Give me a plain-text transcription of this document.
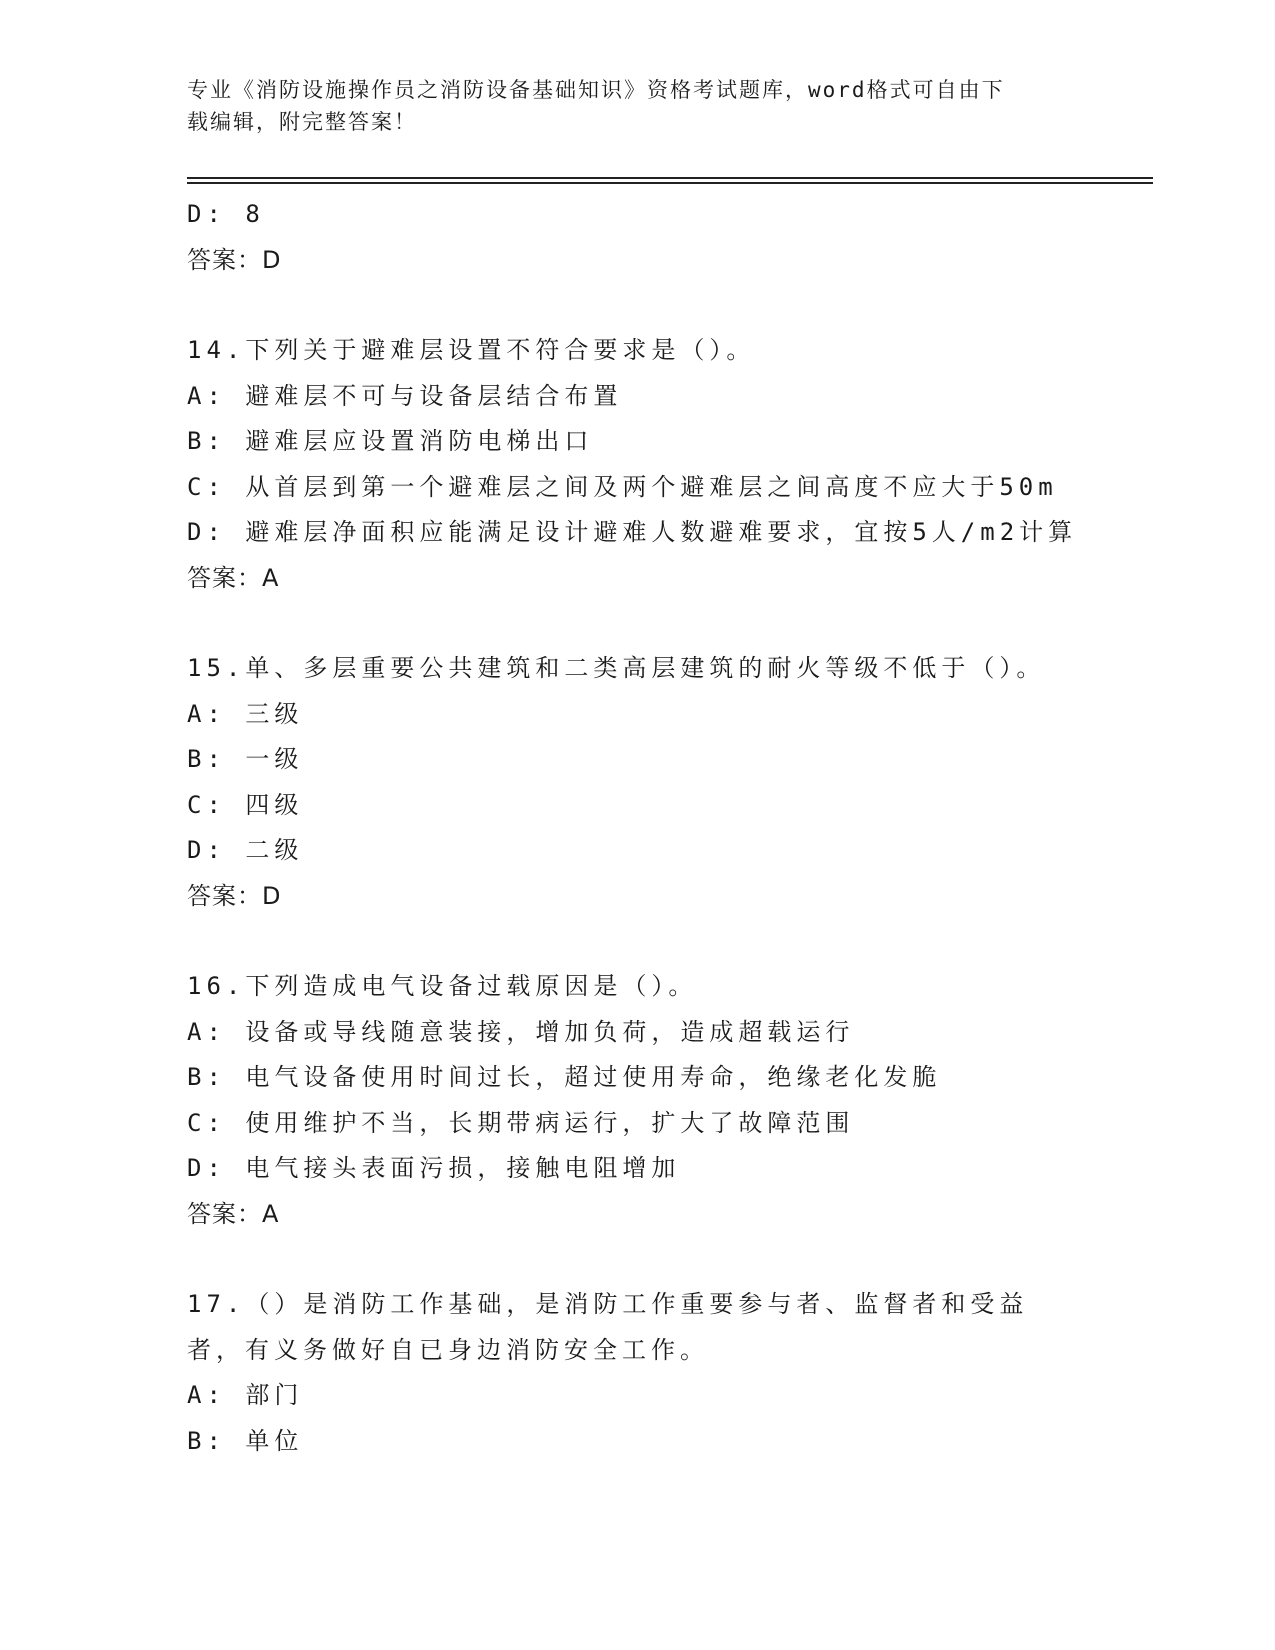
专业《消防设施操作员之消防设备基础知识》资格考试题库，word格式可自由下
载编辑，附完整答案！
D: 8
答案：D
14.下列关于避难层设置不符合要求是（）。
A: 避难层不可与设备层结合布置
B: 避难层应设置消防电梯出口
C: 从首层到第一个避难层之间及两个避难层之间高度不应大于50m
D: 避难层净面积应能满足设计避难人数避难要求，宜按5人/m2计算
答案：A
15.单、多层重要公共建筑和二类高层建筑的耐火等级不低于（）。
A: 三级
B: 一级
C: 四级
D: 二级
答案：D
16.下列造成电气设备过载原因是（）。
A: 设备或导线随意装接，增加负荷，造成超载运行
B: 电气设备使用时间过长，超过使用寿命，绝缘老化发脆
C: 使用维护不当，长期带病运行，扩大了故障范围
D: 电气接头表面污损，接触电阻增加
答案：A
17.（）是消防工作基础，是消防工作重要参与者、监督者和受益者，有义务做好自已身边消防安全工作。
A: 部门
B: 单位
